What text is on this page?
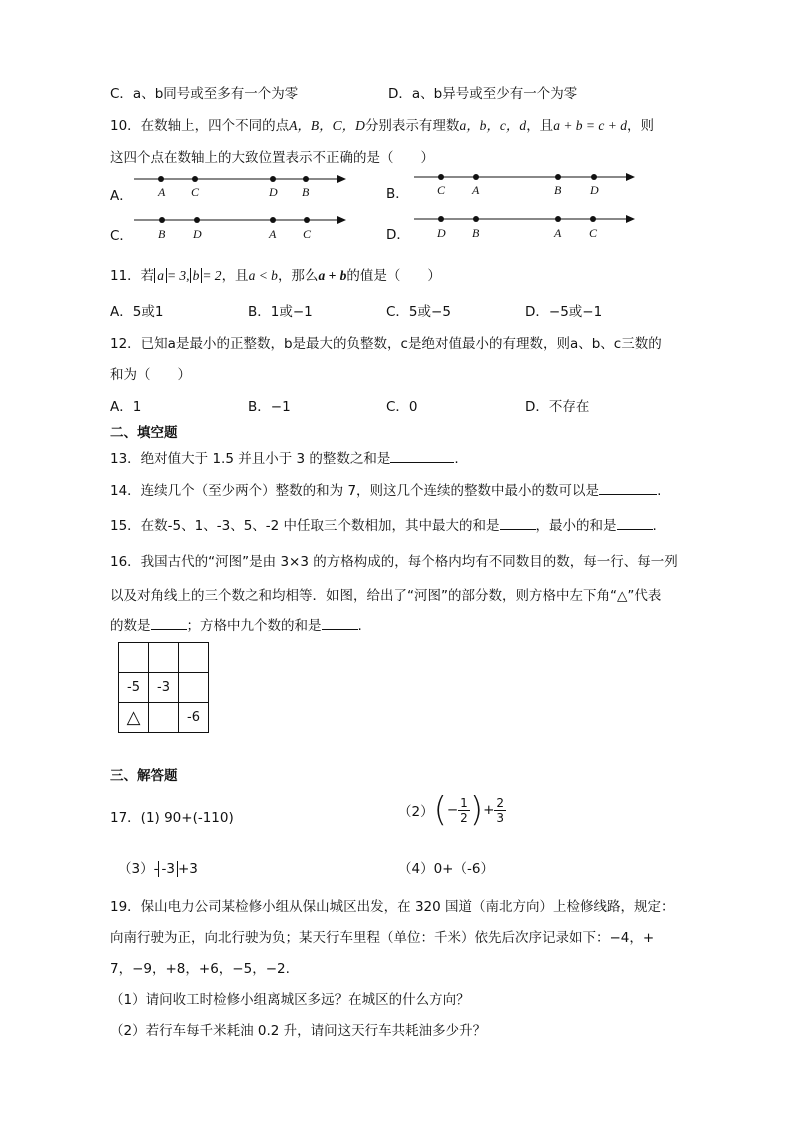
C．a、b同号或至多有一个为零	D．a、b异号或至少有一个为零
10．在数轴上，四个不同的点A，B，C，D分别表示有理数a，b，c，d，且a + b = c + d，则
这四个点在数轴上的大致位置表示不正确的是（　　）
A． A C	D B	B． C A	B D
C． B D	A C	D． D B	A C
11．若 a = 3, b = 2，且a < b，那么a + b的值是（　　）
A．5或1	B．1或−1	C．5或−5	D．−5或−1
12．已知a是最小的正整数，b是最大的负整数，c是绝对值最小的有理数，则a、b、c三数的
和为（　　）
A．1	B．−1	C．0	D．不存在
二、填空题
13．绝对值大于 1.5 并且小于 3 的整数之和是	.
14．连续几个（至少两个）整数的和为 7，则这几个连续的整数中最小的数可以是	.
15．在数-5、1、-3、5、-2 中任取三个数相加，其中最大的和是	，最小的和是	.
16．我国古代的“河图”是由 3×3 的方格构成的，每个格内均有不同数目的数，每一行、每一列
以及对角线上的三个数之和均相等．如图，给出了“河图”的部分数，则方格中左下角“△”代表
的数是	；方格中九个数的和是	.

-5	-3	
△		-6
三、解答题
17．(1) 90+(-110)	$(2)(- \frac{1}{2}$ )+ $\frac{2}{3}$
（3）- -3 +3	（4）0+（-6）
19．保山电力公司某检修小组从保山城区出发，在 320 国道（南北方向）上检修线路，规定：
向南行驶为正，向北行驶为负；某天行车里程（单位：千米）依先后次序记录如下：−4，+
7，−9，+8，+6，−5，−2.
（1）请问收工时检修小组离城区多远？在城区的什么方向？
（2）若行车每千米耗油 0.2 升，请问这天行车共耗油多少升？
